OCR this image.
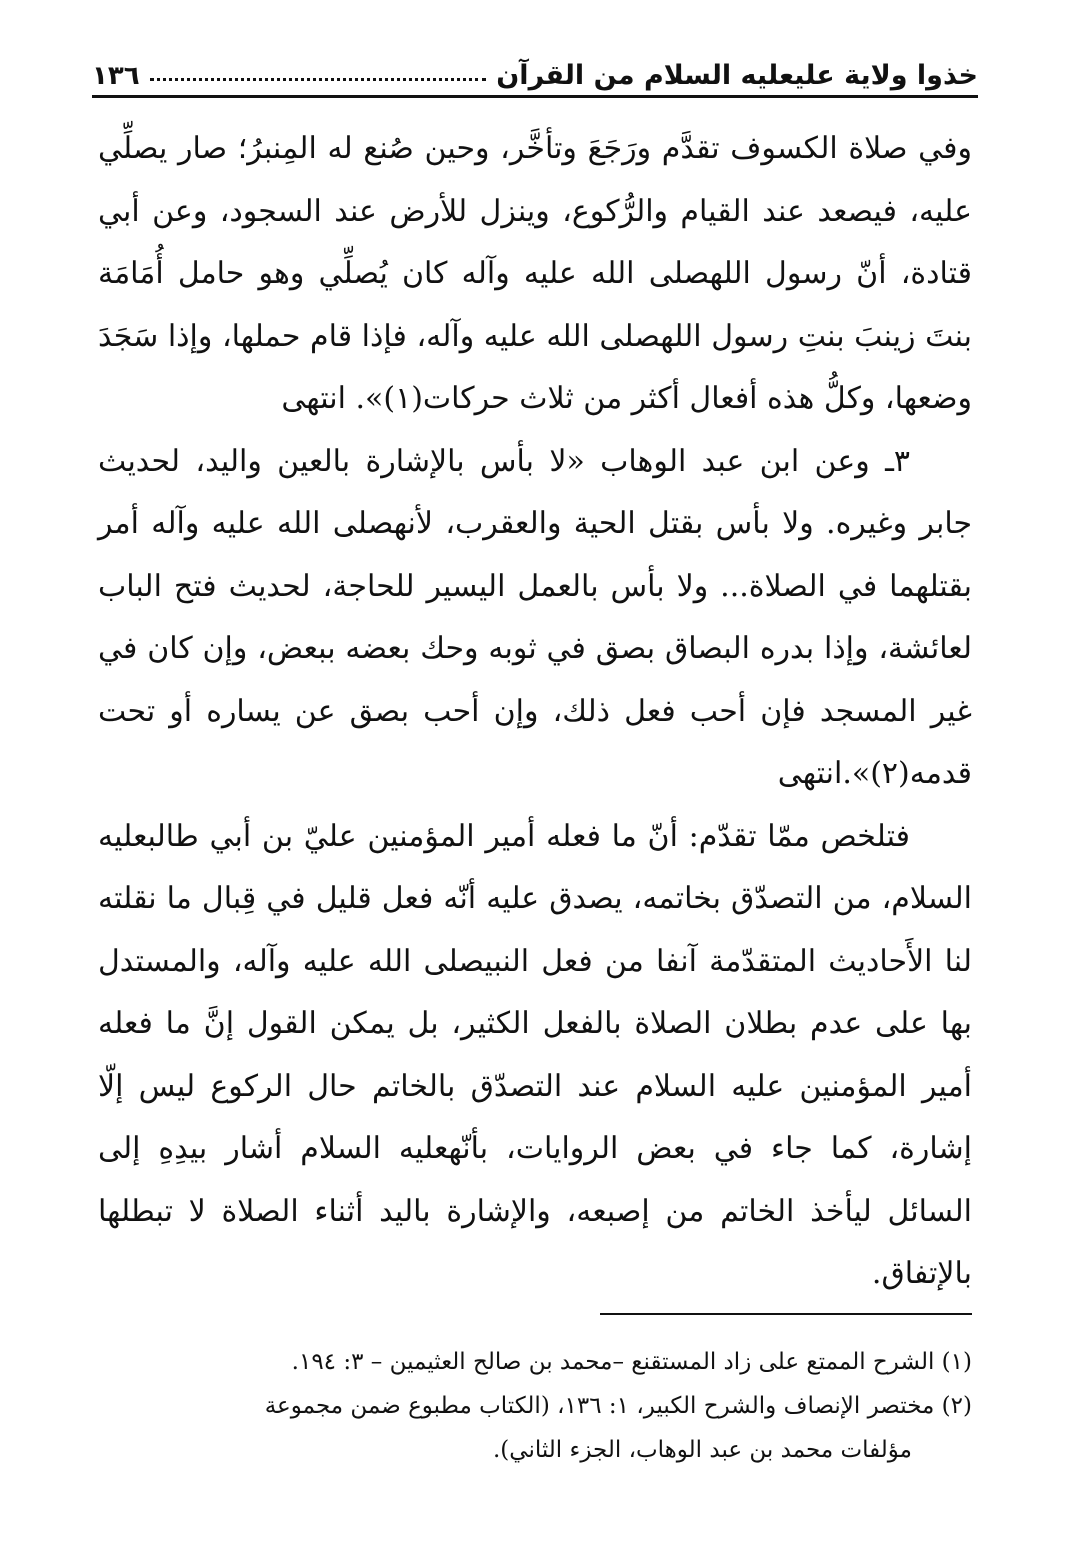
خذوا ولاية عليعليه السلام من القرآن
١٣٦

وفي صلاة الكسوف تقدَّم ورَجَعَ وتأخَّر، وحين صُنع له المِنبرُ؛ صار يصلِّي عليه، فيصعد عند القيام والرُّكوع، وينزل للأرض عند السجود، وعن أبي قتادة، أنّ رسول اللهصلى الله عليه وآله كان يُصلِّي وهو حامل أُمَامَة بنتَ زينبَ بنتِ رسول اللهصلى الله عليه وآله، فإذا قام حملها، وإذا سَجَدَ وضعها، وكلُّ هذه أفعال أكثر من ثلاث حركات(١)». انتهى

٣ـ وعن ابن عبد الوهاب «لا بأس بالإشارة بالعين واليد، لحديث جابر وغيره. ولا بأس بقتل الحية والعقرب، لأنهصلى الله عليه وآله أمر بقتلهما في الصلاة... ولا بأس بالعمل اليسير للحاجة، لحديث فتح الباب لعائشة، وإذا بدره البصاق بصق في ثوبه وحك بعضه ببعض، وإن كان في غير المسجد فإن أحب فعل ذلك، وإن أحب بصق عن يساره أو تحت قدمه(٢)».انتهى

فتلخص ممّا تقدّم: أنّ ما فعله أمير المؤمنين عليّ بن أبي طالبعليه السلام، من التصدّق بخاتمه، يصدق عليه أنّه فعل قليل في قِبال ما نقلته لنا الأَحاديث المتقدّمة آنفا من فعل النبيصلى الله عليه وآله، والمستدل بها على عدم بطلان الصلاة بالفعل الكثير، بل يمكن القول إنَّ ما فعله أمير المؤمنين عليه السلام عند التصدّق بالخاتم حال الركوع ليس إلّا إشارة، كما جاء في بعض الروايات، بأنّهعليه السلام أشار بيدِهِ إلى السائل ليأخذ الخاتم من إصبعه، والإشارة باليد أثناء الصلاة لا تبطلها بالإتفاق.

(١) الشرح الممتع على زاد المستقنع –محمد بن صالح العثيمين – ٣: ١٩٤.

(٢) مختصر الإنصاف والشرح الكبير، ١: ١٣٦، (الكتاب مطبوع ضمن مجموعة

مؤلفات محمد بن عبد الوهاب، الجزء الثاني).
